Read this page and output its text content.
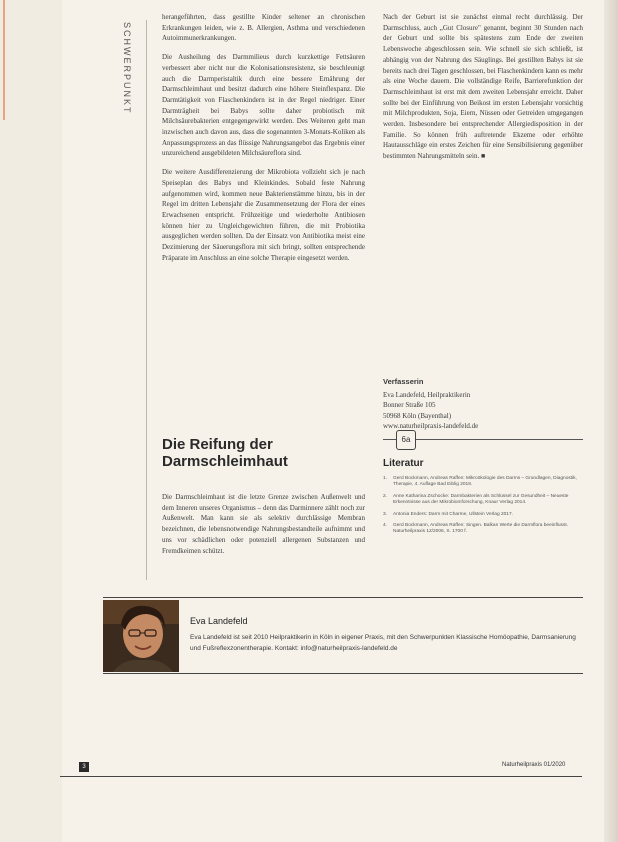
SCHWERPUNKT

herangeführten, dass gestillte Kinder seltener an chronischen Erkrankungen leiden, wie z. B. Allergien, Asthma und verschiedenen Autoimmunerkrankungen.

Die Ausheilung des Darmmilieus durch kurzkettige Fettsäuren verbessert aber nicht nur die Kolonisationsresistenz, sie beschleunigt auch die Darmperistaltik durch eine bessere Ernährung der Darmschleimhaut und besitzt dadurch eine höhere Steinflexpanz. Die Darmtätigkeit von Flaschenkindern ist in der Regel niedriger. Einer Darmträgheit bei Babys sollte daher probiotisch mit Milchsäurebakterien entgegengewirkt werden. Des Weiteren geht man inzwischen auch davon aus, dass die sogenannten 3-Monats-Koliken als Anpassungsprozess an das flüssige Nahrungsangebot das Ergebnis einer unzureichend ausgebildeten Milchsäureflora sind.

Die weitere Ausdifferenzierung der Mikrobiota vollzieht sich je nach Speiseplan des Babys und Kleinkindes. Sobald feste Nahrung aufgenommen wird, kommen neue Bakterienstämme hinzu, bis in der Regel im dritten Lebensjahr die Zusammensetzung der Flora der eines Erwachsenen entspricht. Frühzeitige und wiederholte Antibiosen können hier zu Ungleichgewichten führen, die mit Probiotika ausgeglichen werden sollten. Da der Einsatz von Antibiotika meist eine Dezimierung der Säuerungsflora mit sich bringt, sollten entsprechende Präparate im Anschluss an eine solche Therapie eingesetzt werden.

Die Reifung der Darmschleimhaut

Die Darmschleimhaut ist die letzte Grenze zwischen Außenwelt und dem Inneren unseres Organismus – denn das Darminnere zählt noch zur Außenwelt. Man kann sie als selektiv durchlässige Membran bezeichnen, die lebensnotwendige Nahrungsbestandteile aufnimmt und uns vor schädlichen oder potenziell allergenen Substanzen und Fremdkeimen schützt.

Nach der Geburt ist sie zunächst einmal recht durchlässig. Der Darmschluss, auch „Gut Closure" genannt, beginnt 30 Stunden nach der Geburt und sollte bis spätestens zum Ende der zweiten Lebenswoche abgeschlossen sein. Wie schnell sie sich schließt, ist abhängig von der Nahrung des Säuglings. Bei gestillten Babys ist sie bereits nach drei Tagen geschlossen, bei Flaschenkindern kann es mehr als eine Woche dauern. Die vollständige Reife, Barrierefunktion der Darmschleimhaut ist erst mit dem zweiten Lebensjahr erreicht. Daher sollte bei der Einführung von Beikost im ersten Lebensjahr vorsichtig mit Milchprodukten, Soja, Eiern, Nüssen oder Getreiden umgegangen werden. Insbesondere bei entsprechender Allergiedisposition in der Familie. So können früh auftretende Ekzeme oder erhöhte Hautausschläge ein erstes Zeichen für eine Sensibilisierung gegenüber bestimmten Nahrungsmitteln sein. ■

Verfasserin
Eva Landefeld, Heilpraktikerin
Bonner Straße 105
50968 Köln (Bayenthal)
www.naturheilpraxis-landefeld.de
6a
Literatur
1. Gerd Bockmann, Andreas Raffen: Mikroökologie des Darms – Grundlagen, Diagnostik, Therapie, 4. Auflage Bad Eiblig 2018.
2. Anne Katharina Zschocke: Darmbakterien als Schlüssel zur Gesundheit – Neueste Erkenntnisse aus der Mikrobiomforschung, Knaur Verlag 2014.
3. Antonia Enders: Darm mit Charme, Ullstein Verlag 2017.
4. Gerd Bockmann, Andreas Raffen: Singen. Balkan Werte die Darmflora beeinflusst. Naturheilpraxis 12/2006, S. 1700 f.
Eva Landefeld
Eva Landefeld ist seit 2010 Heilpraktikerin in Köln in eigener Praxis, mit den Schwerpunkten Klassische Homöopathie, Darmsanierung und Fußreflexzonentherapie. Kontakt: info@naturheilpraxis-landefeld.de
3	Naturheilpraxis 01/2020
